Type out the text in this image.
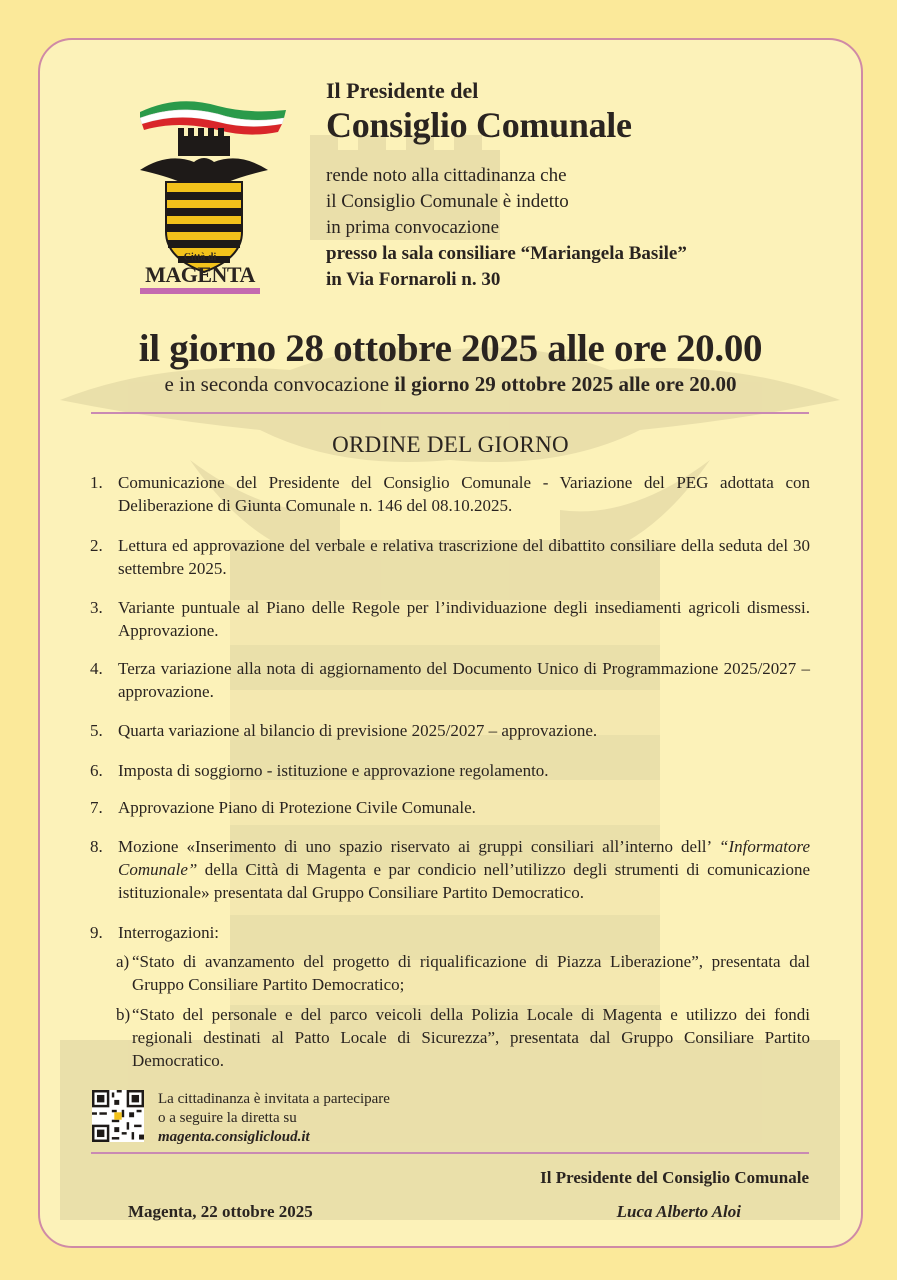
Città di
MAGENTA
Il Presidente del
Consiglio Comunale
rende noto alla cittadinanza che
il Consiglio Comunale è indetto
in prima convocazione
presso la sala consiliare “Mariangela Basile”
in Via Fornaroli n. 30
il giorno 28 ottobre 2025 alle ore 20.00
e in seconda convocazione il giorno 29 ottobre 2025 alle ore 20.00
ORDINE DEL GIORNO
1. Comunicazione del Presidente del Consiglio Comunale - Variazione del PEG adottata con Deliberazione di Giunta Comunale n. 146 del 08.10.2025.
2. Lettura ed approvazione del verbale e relativa trascrizione del dibattito consiliare della seduta del 30 settembre 2025.
3. Variante puntuale al Piano delle Regole per l’individuazione degli insediamenti agricoli dismessi. Approvazione.
4. Terza variazione alla nota di aggiornamento del Documento Unico di Programmazione 2025/2027 – approvazione.
5. Quarta variazione al bilancio di previsione 2025/2027 – approvazione.
6. Imposta di soggiorno - istituzione e approvazione regolamento.
7. Approvazione Piano di Protezione Civile Comunale.
8. Mozione «Inserimento di uno spazio riservato ai gruppi consiliari all’interno dell’ “Informatore Comunale” della Città di Magenta e par condicio nell’utilizzo degli strumenti di comunicazione istituzionale» presentata dal Gruppo Consiliare Partito Democratico.
9. Interrogazioni:
a) “Stato di avanzamento del progetto di riqualificazione di Piazza Liberazione”, presentata dal Gruppo Consiliare Partito Democratico;
b) “Stato del personale e del parco veicoli della Polizia Locale di Magenta e utilizzo dei fondi regionali destinati al Patto Locale di Sicurezza”, presentata dal Gruppo Consiliare Partito Democratico.
La cittadinanza è invitata a partecipare
o a seguire la diretta su
magenta.consiglicloud.it
Il Presidente del Consiglio Comunale
Magenta, 22 ottobre 2025	Luca Alberto Aloi
